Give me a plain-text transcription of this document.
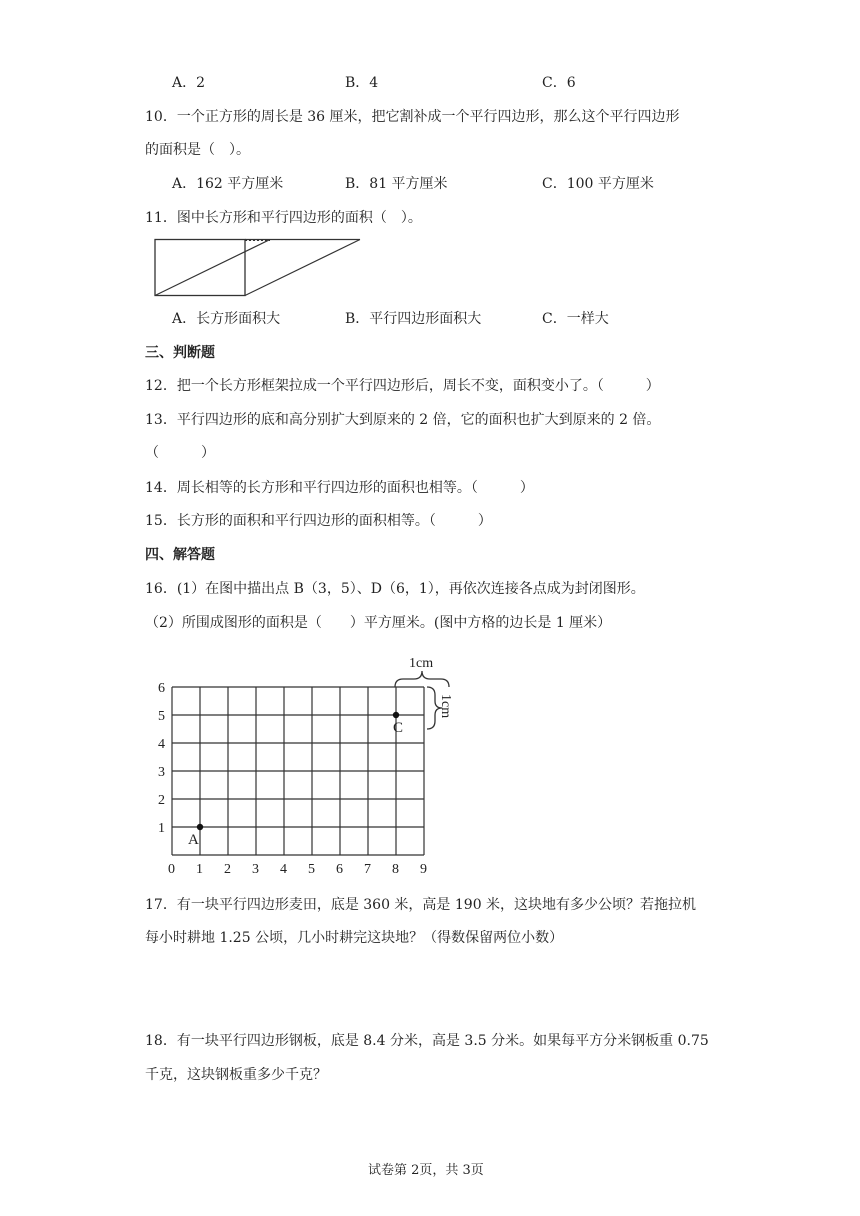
A．2	B．4	C．6
10．一个正方形的周长是 36 厘米，把它割补成一个平行四边形，那么这个平行四边形
的面积是（　）。
A．162 平方厘米	B．81 平方厘米	C．100 平方厘米
11．图中长方形和平行四边形的面积（　）。
A．长方形面积大	B．平行四边形面积大	C．一样大
三、判断题
12．把一个长方形框架拉成一个平行四边形后，周长不变，面积变小了。（　　　）
13．平行四边形的底和高分别扩大到原来的 2 倍，它的面积也扩大到原来的 2 倍。
（　　　）
14．周长相等的长方形和平行四边形的面积也相等。（　　　）
15．长方形的面积和平行四边形的面积相等。（　　　）
四、解答题
16．(1）在图中描出点 B（3，5）、D（6，1），再依次连接各点成为封闭图形。
（2）所围成图形的面积是（　　）平方厘米。(图中方格的边长是 1 厘米）
0 1 2 3 4 5 6 7 8 9
1
2
3
4
5
6
A
C
1cm
1cm
17．有一块平行四边形麦田，底是 360 米，高是 190 米，这块地有多少公顷？若拖拉机
每小时耕地 1.25 公顷，几小时耕完这块地？（得数保留两位小数）
18．有一块平行四边形钢板，底是 8.4 分米，高是 3.5 分米。如果每平方分米钢板重 0.75
千克，这块钢板重多少千克？
试卷第 2页，共 3页
